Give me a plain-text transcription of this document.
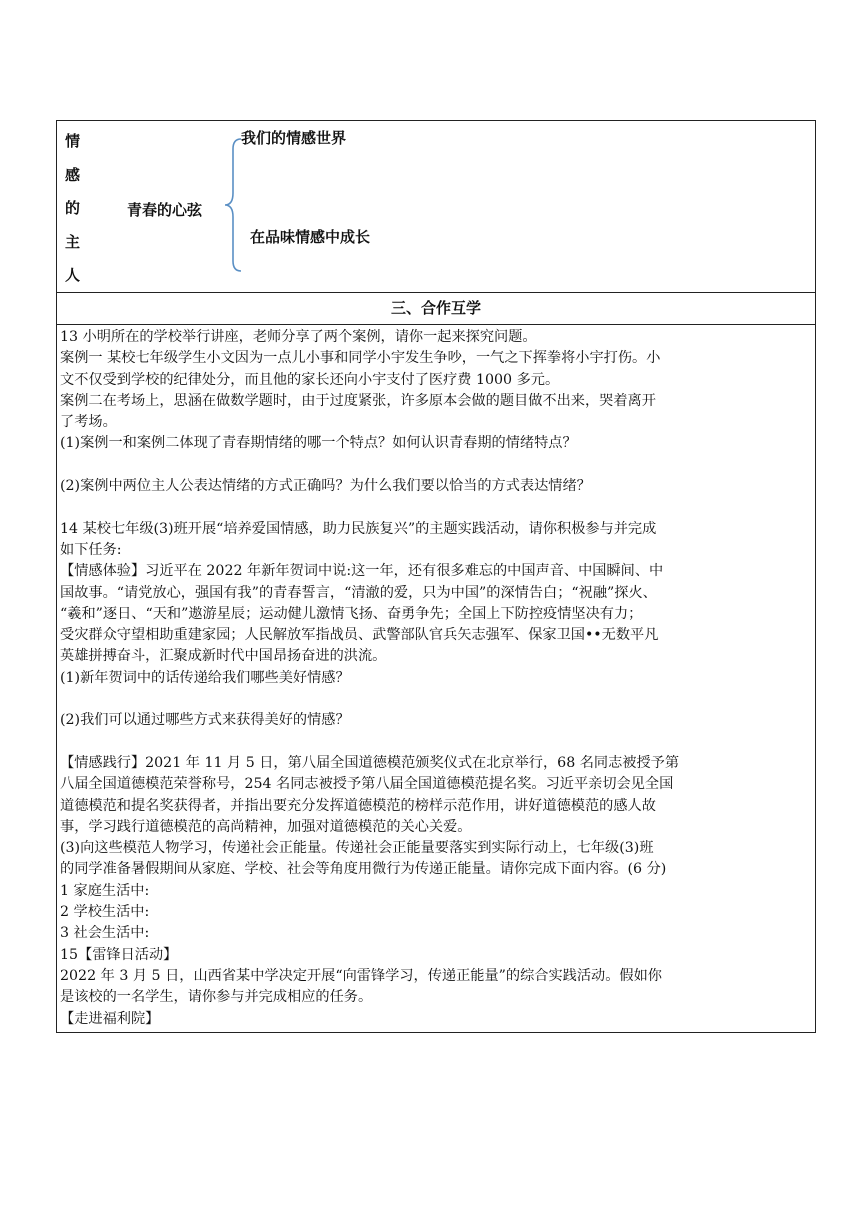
情
感
的
主
人
青春的心弦
我们的情感世界
在品味情感中成长
三、合作互学

13 小明所在的学校举行讲座，老师分享了两个案例，请你一起来探究问题。

案例一 某校七年级学生小文因为一点儿小事和同学小宇发生争吵，一气之下挥拳将小宇打伤。小

文不仅受到学校的纪律处分，而且他的家长还向小宇支付了医疗费 1000 多元。

案例二在考场上，思涵在做数学题时，由于过度紧张，许多原本会做的题目做不出来，哭着离开

了考场。

(1)案例一和案例二体现了青春期情绪的哪一个特点？如何认识青春期的情绪特点？

(2)案例中两位主人公表达情绪的方式正确吗？为什么我们要以恰当的方式表达情绪？

14 某校七年级(3)班开展“培养爱国情感，助力民族复兴”的主题实践活动，请你积极参与并完成

如下任务:

【情感体验】习近平在 2022 年新年贺词中说:这一年，还有很多难忘的中国声音、中国瞬间、中

国故事。“请党放心，强国有我”的青春誓言，“清澈的爱，只为中国”的深情告白；“祝融”探火、

“羲和”逐日、“天和”遨游星辰；运动健儿激情飞扬、奋勇争先；全国上下防控疫情坚决有力；

受灾群众守望相助重建家园；人民解放军指战员、武警部队官兵矢志强军、保家卫国••无数平凡

英雄拼搏奋斗，汇聚成新时代中国昂扬奋进的洪流。

(1)新年贺词中的话传递给我们哪些美好情感？

(2)我们可以通过哪些方式来获得美好的情感？

【情感践行】2021 年 11 月 5 日，第八届全国道德模范颁奖仪式在北京举行，68 名同志被授予第

八届全国道德模范荣誉称号，254 名同志被授予第八届全国道德模范提名奖。习近平亲切会见全国

道德模范和提名奖获得者，并指出要充分发挥道德模范的榜样示范作用，讲好道德模范的感人故

事，学习践行道德模范的高尚精神，加强对道德模范的关心关爱。

(3)向这些模范人物学习，传递社会正能量。传递社会正能量要落实到实际行动上，七年级(3)班

的同学准备暑假期间从家庭、学校、社会等角度用微行为传递正能量。请你完成下面内容。(6 分)

1 家庭生活中:

2 学校生活中:

3 社会生活中:

15【雷锋日活动】

2022 年 3 月 5 日，山西省某中学决定开展“向雷锋学习，传递正能量”的综合实践活动。假如你

是该校的一名学生，请你参与并完成相应的任务。

【走进福利院】
